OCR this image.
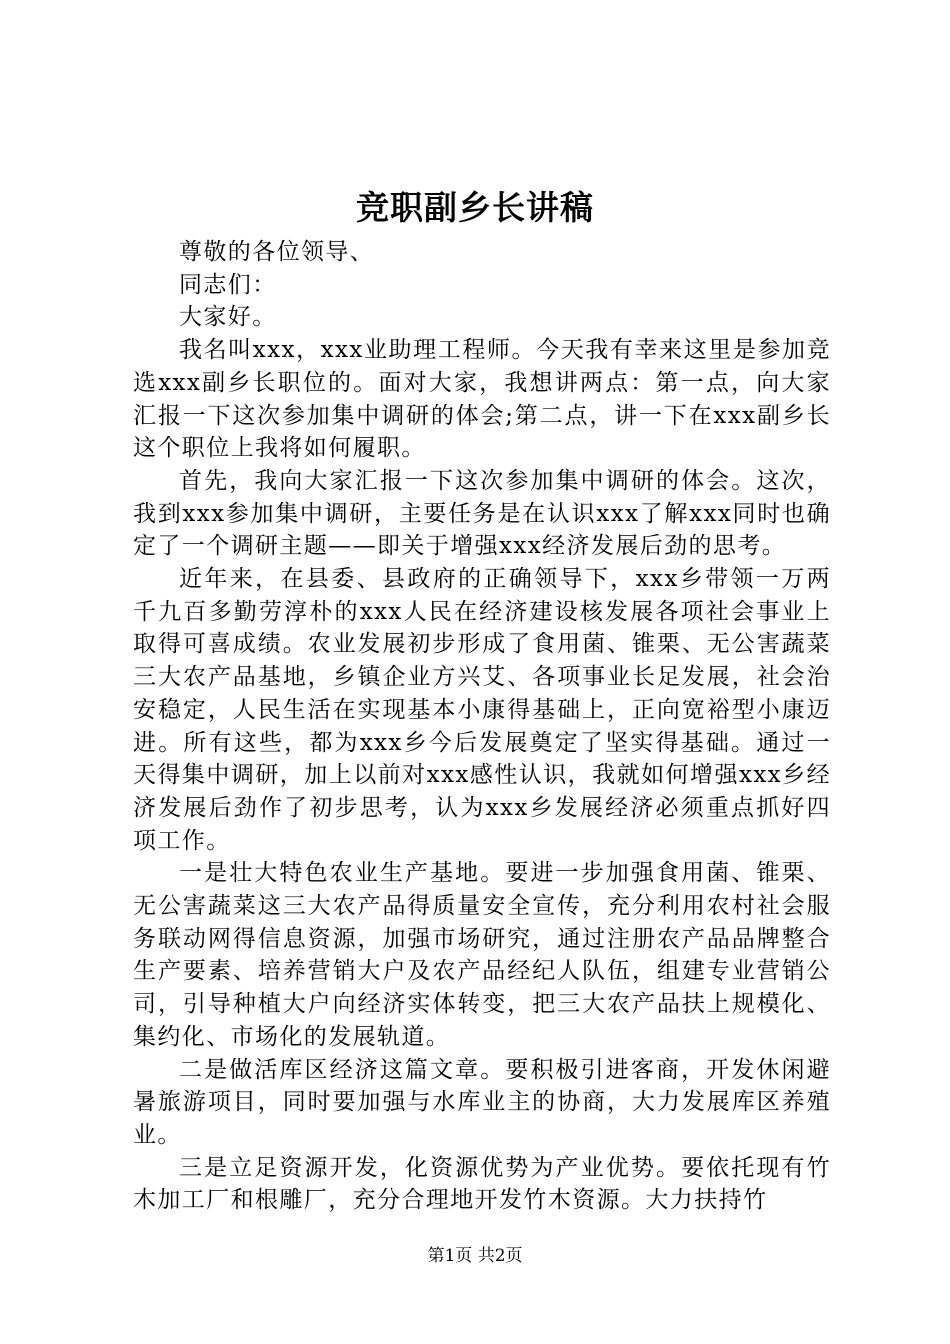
竞职副乡长讲稿

尊敬的各位领导、

同志们：

大家好。

我名叫xxx，xxx业助理工程师。今天我有幸来这里是参加竞选xxx副乡长职位的。面对大家，我想讲两点：第一点，向大家汇报一下这次参加集中调研的体会;第二点，讲一下在xxx副乡长这个职位上我将如何履职。

首先，我向大家汇报一下这次参加集中调研的体会。这次，我到xxx参加集中调研，主要任务是在认识xxx了解xxx同时也确定了一个调研主题——即关于增强xxx经济发展后劲的思考。

近年来，在县委、县政府的正确领导下，xxx乡带领一万两千九百多勤劳淳朴的xxx人民在经济建设核发展各项社会事业上取得可喜成绩。农业发展初步形成了食用菌、锥栗、无公害蔬菜三大农产品基地，乡镇企业方兴艾、各项事业长足发展，社会治安稳定，人民生活在实现基本小康得基础上，正向宽裕型小康迈进。所有这些，都为xxx乡今后发展奠定了坚实得基础。通过一天得集中调研，加上以前对xxx感性认识，我就如何增强xxx乡经济发展后劲作了初步思考，认为xxx乡发展经济必须重点抓好四项工作。

一是壮大特色农业生产基地。要进一步加强食用菌、锥栗、无公害蔬菜这三大农产品得质量安全宣传，充分利用农村社会服务联动网得信息资源，加强市场研究，通过注册农产品品牌整合生产要素、培养营销大户及农产品经纪人队伍，组建专业营销公司，引导种植大户向经济实体转变，把三大农产品扶上规模化、集约化、市场化的发展轨道。

二是做活库区经济这篇文章。要积极引进客商，开发休闲避暑旅游项目，同时要加强与水库业主的协商，大力发展库区养殖业。

三是立足资源开发，化资源优势为产业优势。要依托现有竹木加工厂和根雕厂，充分合理地开发竹木资源。大力扶持竹

第1页 共2页
